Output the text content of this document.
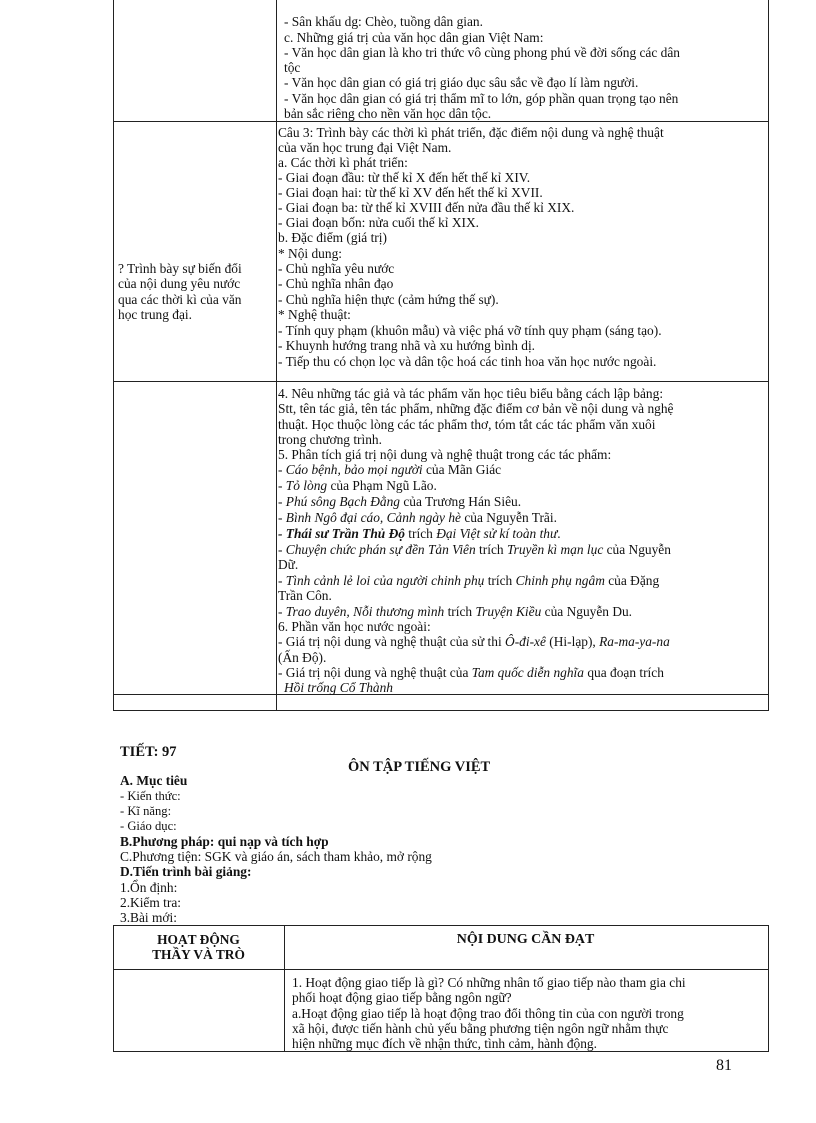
- Sân khấu dg: Chèo, tuồng dân gian.
c. Những giá trị của văn học dân gian Việt Nam:
- Văn học dân gian là kho tri thức vô cùng phong phú về đời sống các dân
tộc
- Văn học dân gian có giá trị giáo dục sâu sắc về đạo lí làm người.
- Văn học dân gian có giá trị thẩm mĩ to lớn, góp phần quan trọng tạo nên
bản sắc riêng cho nền văn học dân tộc.
? Trình bày sự biến đổi
của nội dung yêu nước
qua các thời kì của văn
học trung đại.
Câu 3: Trình bày các thời kì phát triển, đặc điểm nội dung và nghệ thuật
của văn học trung đại Việt Nam.
a. Các thời kì phát triển:
- Giai đoạn đầu: từ thế kỉ X đến hết thế kỉ XIV.
- Giai đoạn hai: từ thế kỉ XV đến hết thế kỉ XVII.
- Giai đoạn ba: từ thế kỉ XVIII đến nửa đầu thế kỉ XIX.
- Giai đoạn bốn: nửa cuối thế kỉ XIX.
b. Đặc điểm (giá trị)
* Nội dung:
- Chủ nghĩa yêu nước
- Chủ nghĩa nhân đạo
- Chủ nghĩa hiện thực (cảm hứng thế sự).
* Nghệ thuật:
- Tính quy phạm (khuôn mẫu) và việc phá vỡ tính quy phạm (sáng tạo).
- Khuynh hướng trang nhã và xu hướng bình dị.
- Tiếp thu có chọn lọc và dân tộc hoá các tinh hoa văn học nước ngoài.
4. Nêu những tác giả và tác phẩm văn học tiêu biểu bằng cách lập bảng:
Stt, tên tác giả, tên tác phẩm, những đặc điểm cơ bản về nội dung và nghệ
thuật. Học thuộc lòng các tác phẩm thơ, tóm tắt các tác phẩm văn xuôi
trong chương trình.
5. Phân tích giá trị nội dung và nghệ thuật trong các tác phẩm:
- Cáo bệnh, bảo mọi người của Mãn Giác
- Tỏ lòng của Phạm Ngũ Lão.
- Phú sông Bạch Đằng của Trương Hán Siêu.
- Bình Ngô đại cáo, Cảnh ngày hè của Nguyễn Trãi.
- Thái sư Trần Thủ Độ trích Đại Việt sử kí toàn thư.
- Chuyện chức phán sự đền Tản Viên trích Truyền kì mạn lục của Nguyễn
Dữ.
- Tình cảnh lẻ loi của người chinh phụ trích Chinh phụ ngâm của Đặng
Trần Côn.
- Trao duyên, Nỗi thương mình trích Truyện Kiều của Nguyễn Du.
6. Phần văn học nước ngoài:
- Giá trị nội dung và nghệ thuật của sử thi Ô-đi-xê (Hi-lạp), Ra-ma-ya-na
(Ấn Độ).
- Giá trị nội dung và nghệ thuật của Tam quốc diễn nghĩa qua đoạn trích
Hồi trống Cổ Thành
TIẾT: 97
ÔN TẬP TIẾNG VIỆT
A. Mục tiêu
- Kiến thức:
- Kĩ năng:
- Giáo dục:
B.Phương pháp: qui nạp và tích hợp
C.Phương tiện: SGK và giáo án, sách tham khảo, mở rộng
D.Tiến trình bài giảng:
1.Ổn định:
2.Kiểm tra:
3.Bài mới:
HOẠT ĐỘNG
THẦY VÀ TRÒ
NỘI DUNG CẦN ĐẠT
1. Hoạt động giao tiếp là gì? Có những nhân tố giao tiếp nào tham gia chi
phối hoạt động giao tiếp bằng ngôn ngữ?
a.Hoạt động giao tiếp là hoạt động trao đổi thông tin của con người trong
xã hội, được tiến hành chủ yếu bằng phương tiện ngôn ngữ nhằm thực
hiện những mục đích về nhận thức, tình cảm, hành động.
81
